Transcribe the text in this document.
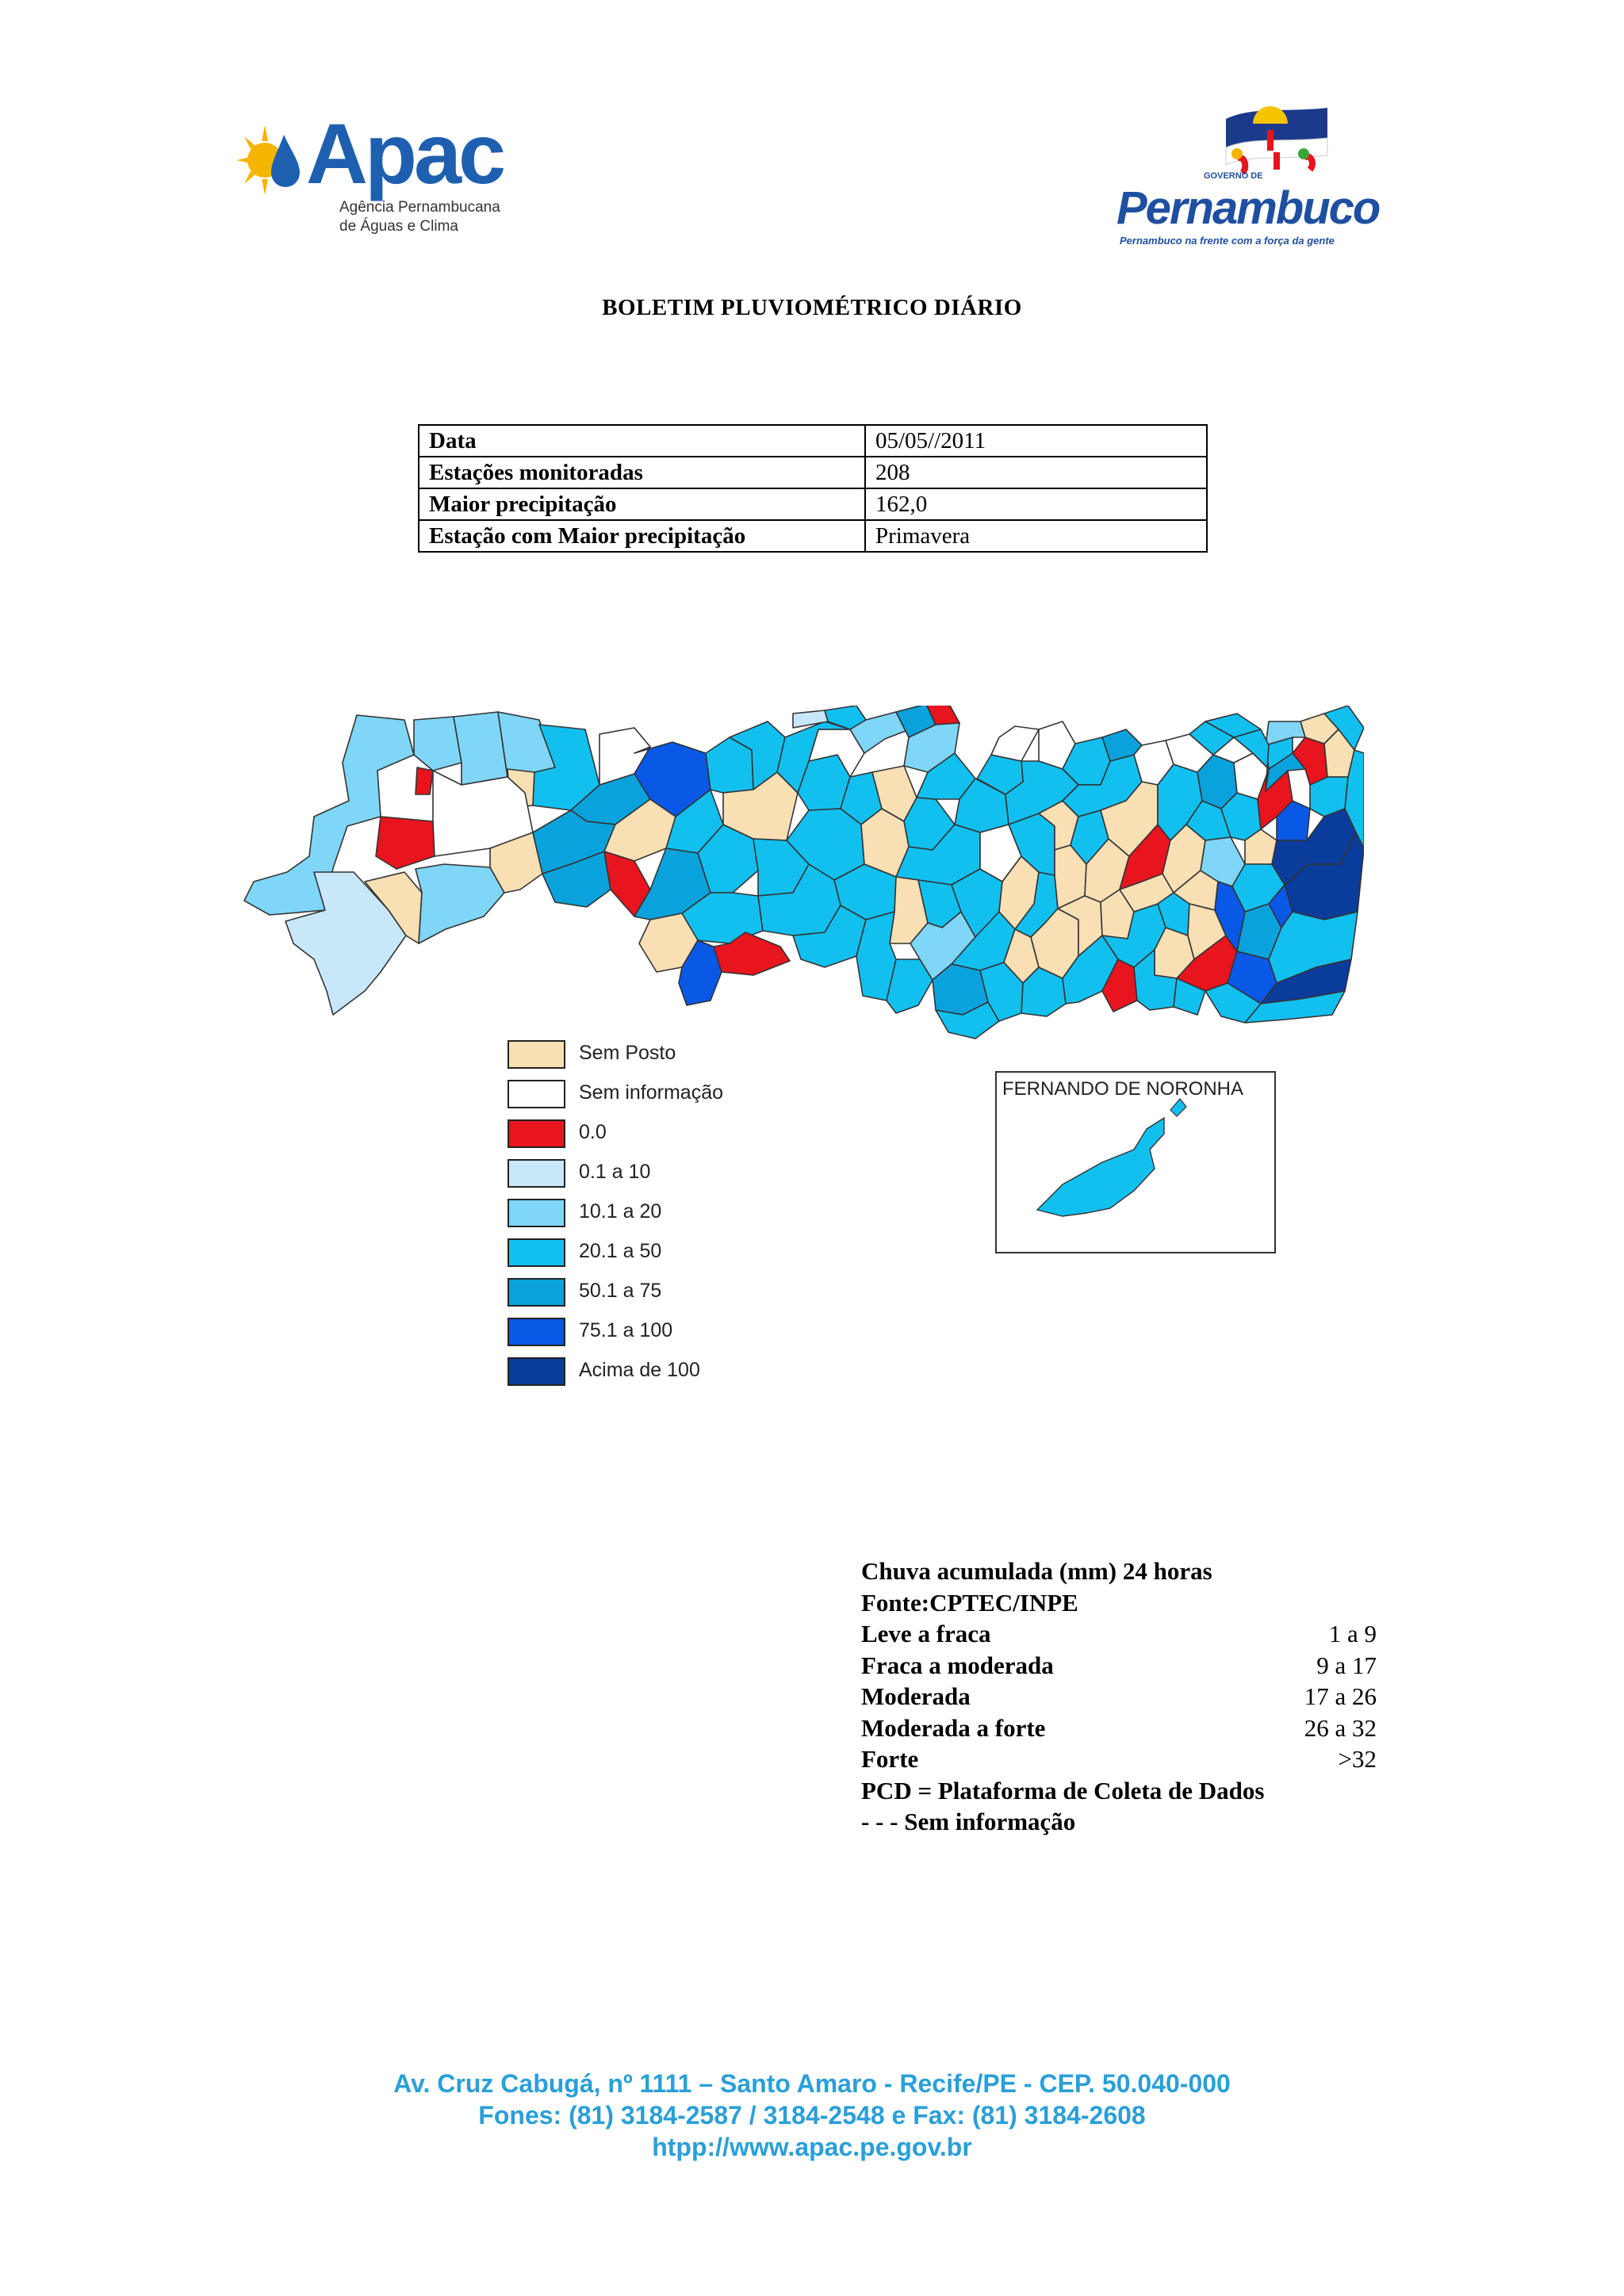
Apac
Agência Pernambucana
de Águas e Clima
GOVERNO DE
Pernambuco
Pernambuco na frente com a força da gente
BOLETIM PLUVIOMÉTRICO DIÁRIO
Data	05/05//2011
Estações monitoradas	208
Maior precipitação	162,0
Estação com Maior precipitação	Primavera
FERNANDO DE NORONHA
Sem Posto
Sem informação
0.0
0.1 a 10
10.1 a 20
20.1 a 50
50.1 a 75
75.1 a 100
Acima de 100
Chuva acumulada (mm) 24 horas
Fonte:CPTEC/INPE
Leve a fraca	1 a 9
Fraca a moderada	9 a 17
Moderada	17 a 26
Moderada a forte	26 a 32
Forte	>32
PCD = Plataforma de Coleta de Dados
- - - Sem informação
Av. Cruz Cabugá, nº 1111 – Santo Amaro - Recife/PE - CEP. 50.040-000
Fones: (81) 3184-2587 / 3184-2548 e Fax: (81) 3184-2608
htpp://www.apac.pe.gov.br
